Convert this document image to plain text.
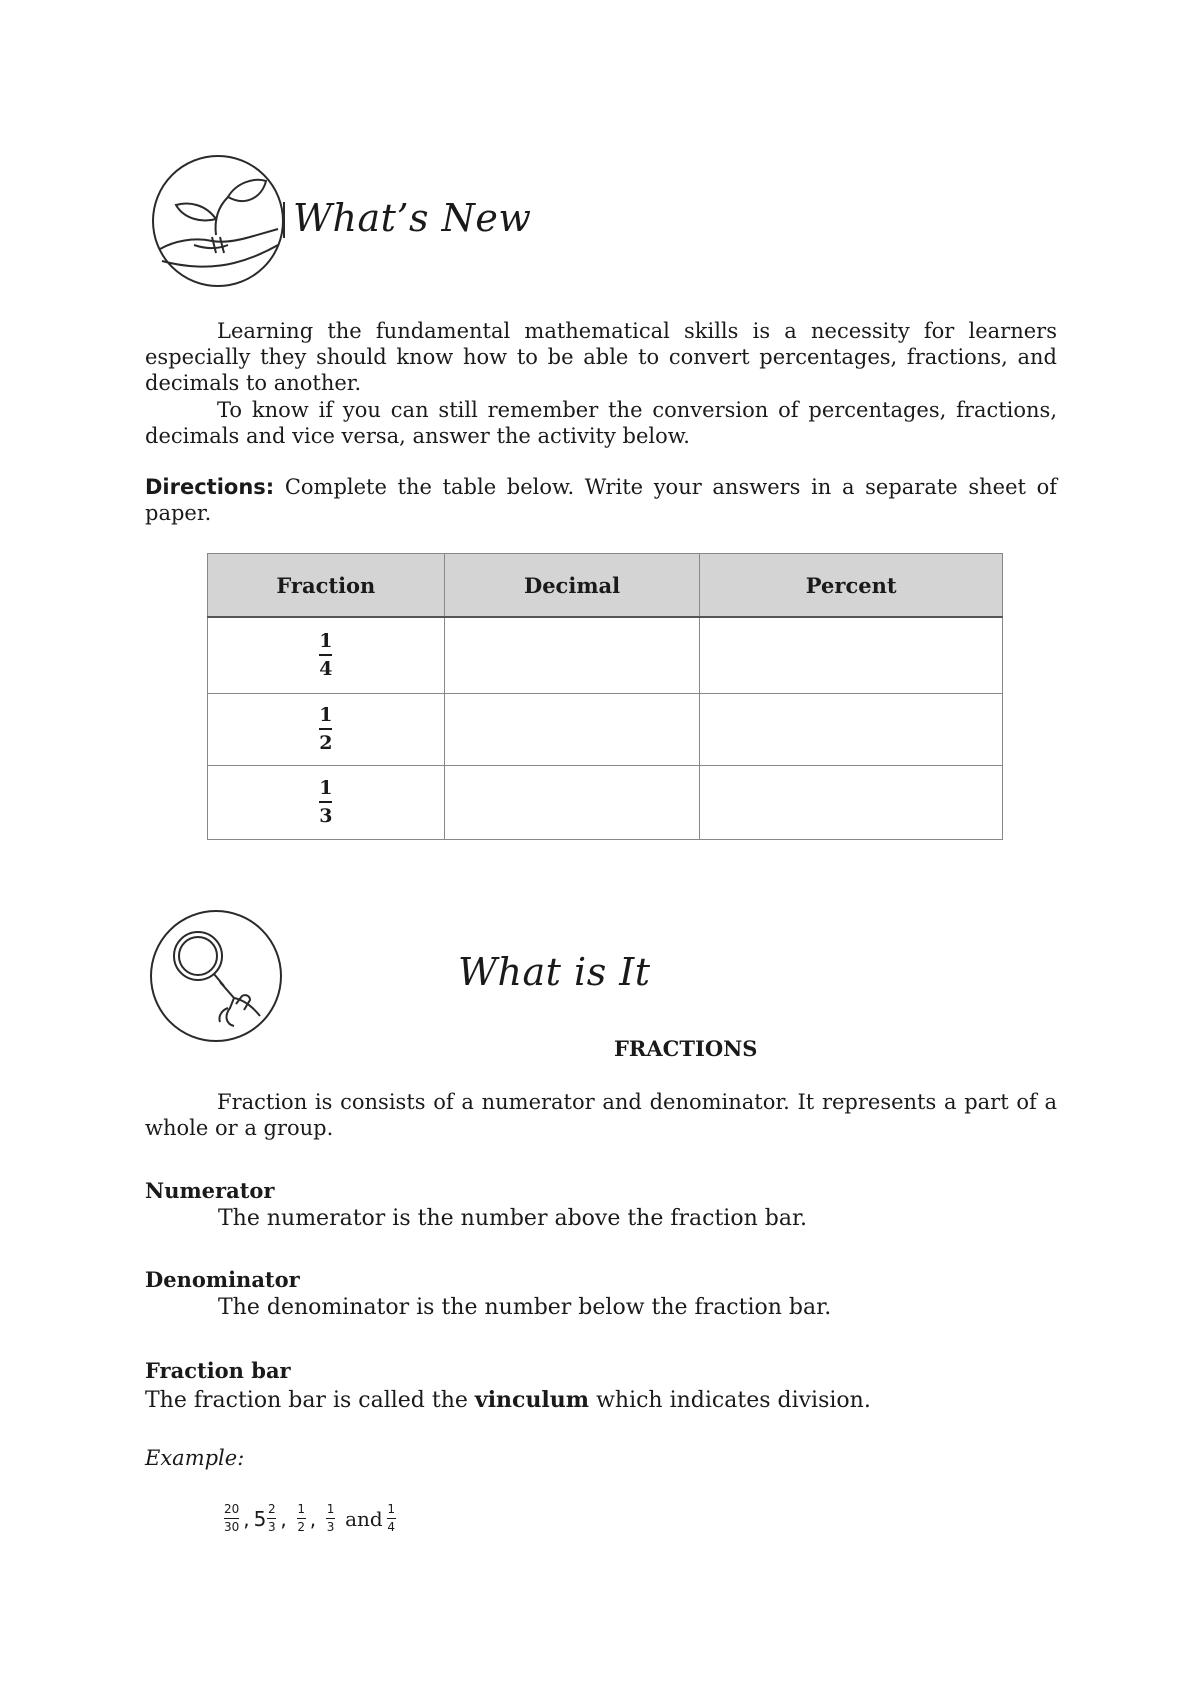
What’s New
Learning the fundamental mathematical skills is a necessity for learners especially they should know how to be able to convert percentages, fractions, and decimals to another.
To know if you can still remember the conversion of percentages, fractions, decimals and vice versa, answer the activity below.
Directions: Complete the table below. Write your answers in a separate sheet of paper.
Fraction	Decimal	Percent

$\frac{1}{4}$

$\frac{1}{2}$

$\frac{1}{3}$

What is It
FRACTIONS
Fraction is consists of a numerator and denominator. It represents a part of a whole or a group.
Numerator
The numerator is the number above the fraction bar.
Denominator
The denominator is the number below the fraction bar.
Fraction bar
The fraction bar is called the vinculum which indicates division.
Example:
20
30 , 5 2
3 , 1
2 , 1
3 and 1
4
